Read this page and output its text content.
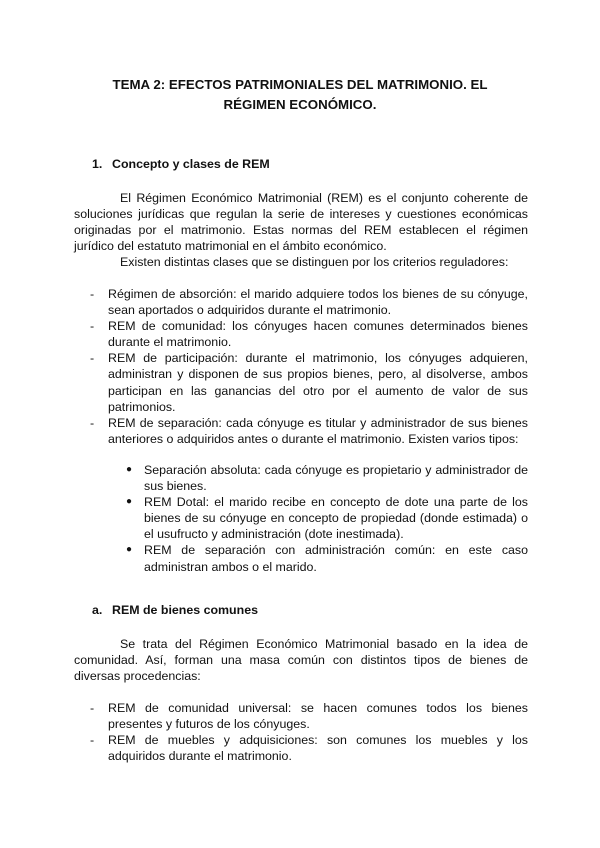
TEMA 2: EFECTOS PATRIMONIALES DEL MATRIMONIO. EL RÉGIMEN ECONÓMICO.
1. Concepto y clases de REM

El Régimen Económico Matrimonial (REM) es el conjunto coherente de soluciones jurídicas que regulan la serie de intereses y cuestiones económicas originadas por el matrimonio. Estas normas del REM establecen el régimen jurídico del estatuto matrimonial en el ámbito económico.

Existen distintas clases que se distinguen por los criterios reguladores:

- Régimen de absorción: el marido adquiere todos los bienes de su cónyuge, sean aportados o adquiridos durante el matrimonio.
- REM de comunidad: los cónyuges hacen comunes determinados bienes durante el matrimonio.
- REM de participación: durante el matrimonio, los cónyuges adquieren, administran y disponen de sus propios bienes, pero, al disolverse, ambos participan en las ganancias del otro por el aumento de valor de sus patrimonios.
- REM de separación: cada cónyuge es titular y administrador de sus bienes anteriores o adquiridos antes o durante el matrimonio. Existen varios tipos:
● Separación absoluta: cada cónyuge es propietario y administrador de sus bienes.
● REM Dotal: el marido recibe en concepto de dote una parte de los bienes de su cónyuge en concepto de propiedad (donde estimada) o el usufructo y administración (dote inestimada).
● REM de separación con administración común: en este caso administran ambos o el marido.
a. REM de bienes comunes

Se trata del Régimen Económico Matrimonial basado en la idea de comunidad. Así, forman una masa común con distintos tipos de bienes de diversas procedencias:

- REM de comunidad universal: se hacen comunes todos los bienes presentes y futuros de los cónyuges.
- REM de muebles y adquisiciones: son comunes los muebles y los adquiridos durante el matrimonio.
